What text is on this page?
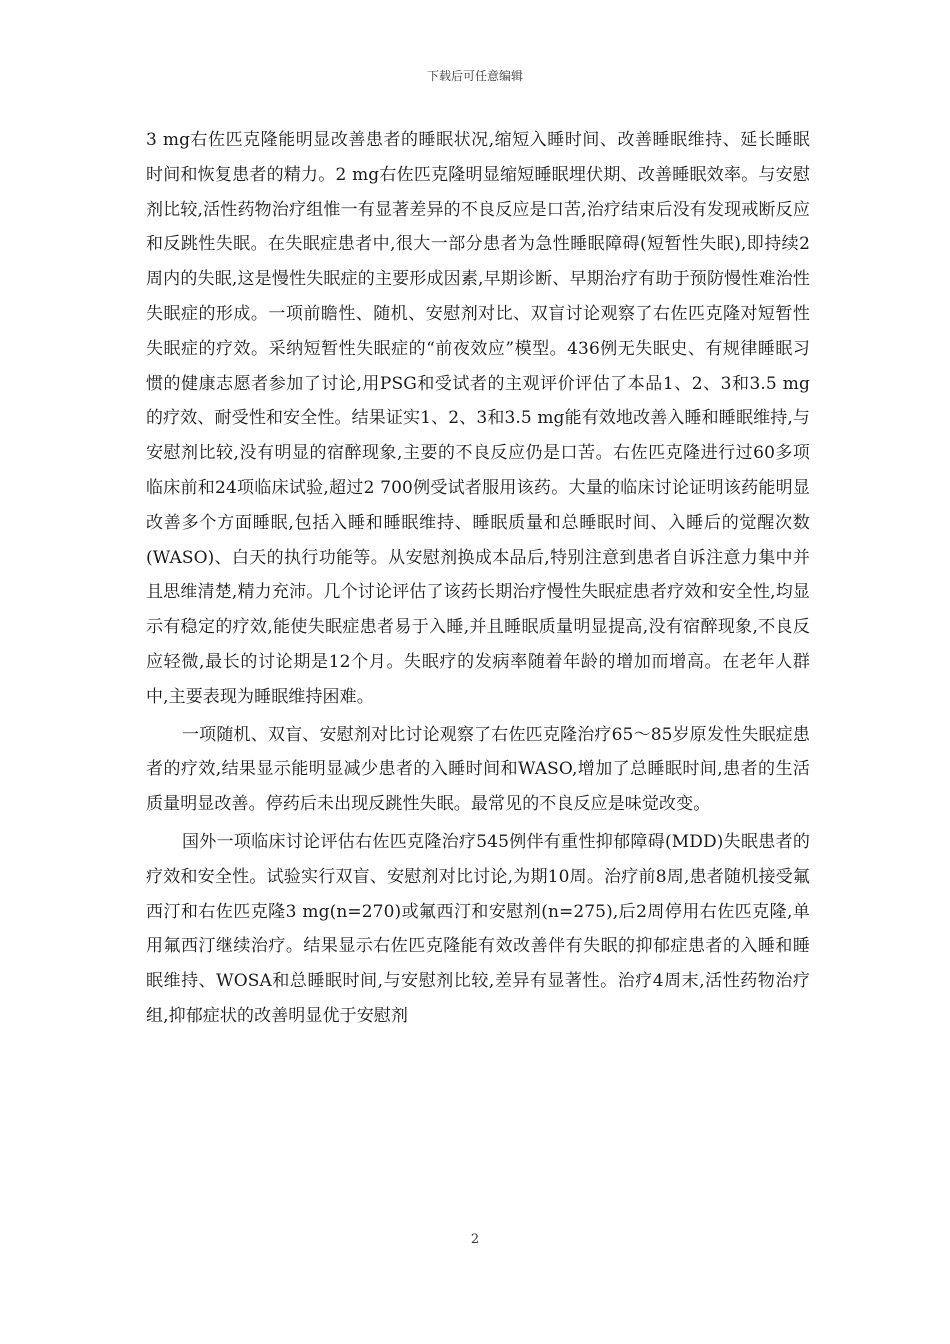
下载后可任意编辑

3 mg右佐匹克隆能明显改善患者的睡眠状况,缩短入睡时间、改善睡眠维持、延长睡眠时间和恢复患者的精力。2 mg右佐匹克隆明显缩短睡眠埋伏期、改善睡眠效率。与安慰剂比较,活性药物治疗组惟一有显著差异的不良反应是口苦,治疗结束后没有发现戒断反应和反跳性失眠。在失眠症患者中,很大一部分患者为急性睡眠障碍(短暂性失眠),即持续2周内的失眠,这是慢性失眠症的主要形成因素,早期诊断、早期治疗有助于预防慢性难治性失眠症的形成。一项前瞻性、随机、安慰剂对比、双盲讨论观察了右佐匹克隆对短暂性失眠症的疗效。采纳短暂性失眠症的“前夜效应”模型。436例无失眠史、有规律睡眠习惯的健康志愿者参加了讨论,用PSG和受试者的主观评价评估了本品1、2、3和3.5 mg的疗效、耐受性和安全性。结果证实1、2、3和3.5 mg能有效地改善入睡和睡眠维持,与安慰剂比较,没有明显的宿醉现象,主要的不良反应仍是口苦。右佐匹克隆进行过60多项临床前和24项临床试验,超过2 700例受试者服用该药。大量的临床讨论证明该药能明显改善多个方面睡眠,包括入睡和睡眠维持、睡眠质量和总睡眠时间、入睡后的觉醒次数(WASO)、白天的执行功能等。从安慰剂换成本品后,特别注意到患者自诉注意力集中并且思维清楚,精力充沛。几个讨论评估了该药长期治疗慢性失眠症患者疗效和安全性,均显示有稳定的疗效,能使失眠症患者易于入睡,并且睡眠质量明显提高,没有宿醉现象,不良反应轻微,最长的讨论期是12个月。失眠疗的发病率随着年龄的增加而增高。在老年人群中,主要表现为睡眠维持困难。

一项随机、双盲、安慰剂对比讨论观察了右佐匹克隆治疗65～85岁原发性失眠症患者的疗效,结果显示能明显减少患者的入睡时间和WASO,增加了总睡眠时间,患者的生活质量明显改善。停药后未出现反跳性失眠。最常见的不良反应是味觉改变。

国外一项临床讨论评估右佐匹克隆治疗545例伴有重性抑郁障碍(MDD)失眠患者的疗效和安全性。试验实行双盲、安慰剂对比讨论,为期10周。治疗前8周,患者随机接受氟西汀和右佐匹克隆3 mg(n=270)或氟西汀和安慰剂(n=275),后2周停用右佐匹克隆,单用氟西汀继续治疗。结果显示右佐匹克隆能有效改善伴有失眠的抑郁症患者的入睡和睡眠维持、WOSA和总睡眠时间,与安慰剂比较,差异有显著性。治疗4周末,活性药物治疗组,抑郁症状的改善明显优于安慰剂

2
